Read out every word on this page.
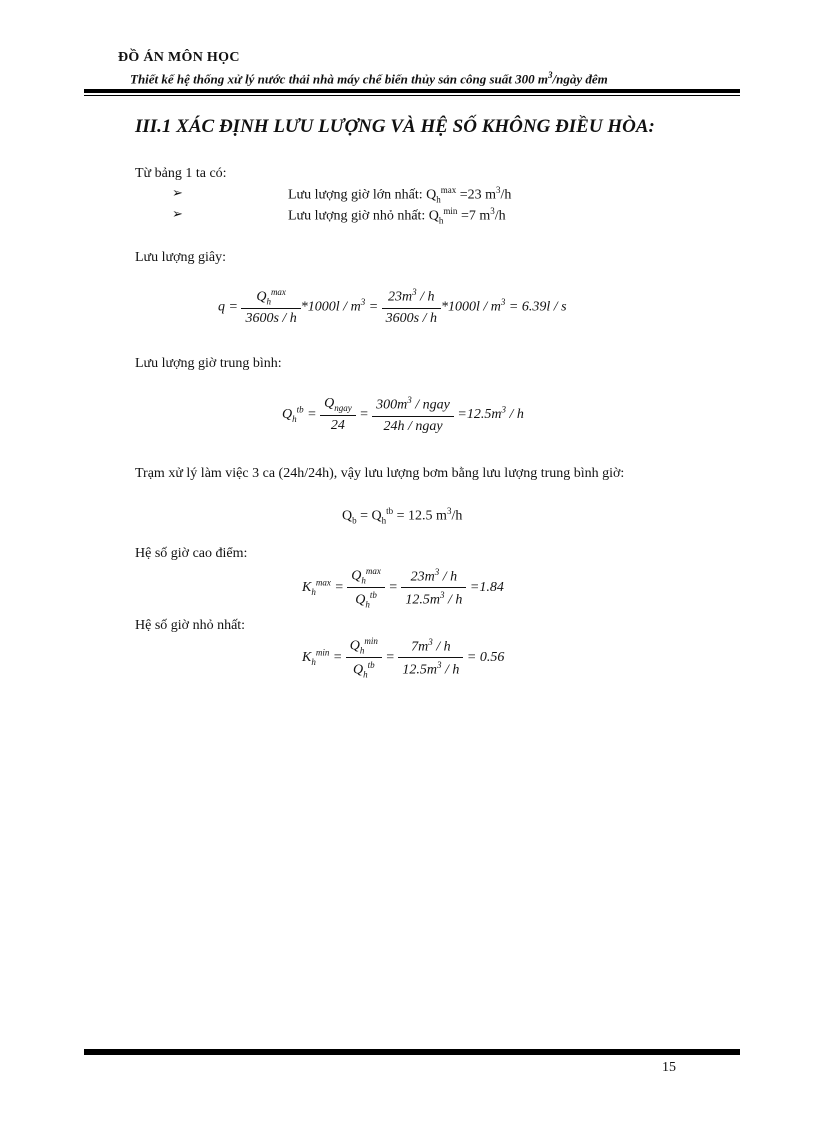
ĐỒ ÁN MÔN HỌC
Thiết kế hệ thống xử lý nước thải nhà máy chế biến thủy sản công suất 300 $m^3$/ngày đêm
III.1 XÁC ĐỊNH LƯU LƯỢNG VÀ HỆ SỐ KHÔNG ĐIỀU HÒA:
Từ bảng 1 ta có:
➢	Lưu lượng giờ lớn nhất: $Q_h^{max} =23$ $m^3/h$
➢	Lưu lượng giờ nhỏ nhất: $Q_h^{min} =7$ $m^3/h$
Lưu lượng giây:
$q = \frac{Q_h^{max}}{3600s / h} *1000l / m^3 = \frac{23m^3 / h}{3600s / h} *1000l / m^3 = 6.39l / s$
Lưu lượng giờ trung bình:
$Q_h^{tb} = \frac{Q_{ngay}}{24} = \frac{300m^3 / ngay}{\text{24h / ngay}} =12.5m^3 / h$
Trạm xử lý làm việc 3 ca (24h/24h), vậy lưu lượng bơm bằng lưu lượng trung bình giờ:
$Q_b = Q_h^{tb} = 12.5$ $m^3/h$
Hệ số giờ cao điểm:
$K_h^{max} = \frac{Q_h^{max}}{Q_h^{tb}} = \frac{23m^3 / h}{12.5m^3 / h} =1.84$
Hệ số giờ nhỏ nhất:
$K_h^{min} = \frac{Q_h^{min}}{Q_h^{tb}} = \frac{7m^3 / h}{12.5m^3 / h} = 0.56$
15
